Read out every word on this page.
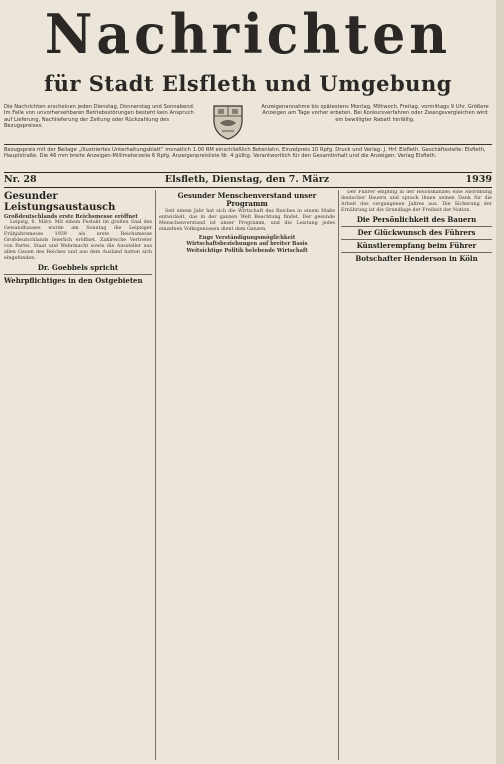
Nachrichten
für Stadt Elsfleth und Umgebung
Die Nachrichten erscheinen jeden Dienstag, Donnerstag und Sonnabend. Im Falle von unvorhersehbaren Betriebsstörungen besteht kein Anspruch auf Lieferung, Nachlieferung der Zeitung oder Rückzahlung des Bezugspreises.
Anzeigenannahme bis spätestens Montag, Mittwoch, Freitag, vormittags 9 Uhr. Größere Anzeigen am Tage vorher erbeten. Bei Konkursverfahren oder Zwangsvergleichen wird ein bewilligter Rabatt hinfällig.
Bezugspreis mit der Beilage „Illustriertes Unterhaltungsblatt“ monatlich 1.00 RM einschließlich Botenlohn. Einzelpreis 10 Rpfg. Druck und Verlag: J. Hrf. Elsfleth. Geschäftsstelle: Elsfleth, Hauptstraße. Die 46 mm breite Anzeigen-Millimeterzeile 6 Rpfg. Anzeigenpreisliste Nr. 4 gültig. Verantwortlich für den Gesamtinhalt und die Anzeigen: Verlag Elsfleth.
Nr. 28	Elsfleth, Dienstag, den 7. März	1939
Gesunder Leistungsaustausch
Großdeutschlands erste Reichsmesse eröffnet

Leipzig, 6. März. Mit einem Festakt im großen Saal des Gewandhauses wurde am Sonntag die Leipziger Frühjahrsmesse 1939 als erste Reichsmesse Großdeutschlands feierlich eröffnet. Zahlreiche Vertreter von Partei, Staat und Wehrmacht sowie die Aussteller aus allen Gauen des Reiches und aus dem Ausland hatten sich eingefunden.

Dr. Goebbels spricht
Wehrpflichtiges in den Ostgebieten
Gesunder Menschenverstand unser Programm

Seit einem Jahr hat sich die Wirtschaft des Reiches in einem Maße entwickelt, das in der ganzen Welt Beachtung findet. Der gesunde Menschenverstand ist unser Programm, und die Leistung jedes einzelnen Volksgenossen dient dem Ganzen.

Enge Verständigungsmöglichkeit
Wirtschaftsbeziehungen auf breiter Basis
Weitsichtige Politik belebende Wirtschaft

Der Führer empfing in der Reichskanzlei eine Abordnung deutscher Bauern und sprach ihnen seinen Dank für die Arbeit des vergangenen Jahres aus. Die Sicherung der Ernährung ist die Grundlage der Freiheit der Nation.

Die Persönlichkeit des Bauern
Der Glückwunsch des Führers
Künstlerempfang beim Führer
Botschafter Henderson in Köln
